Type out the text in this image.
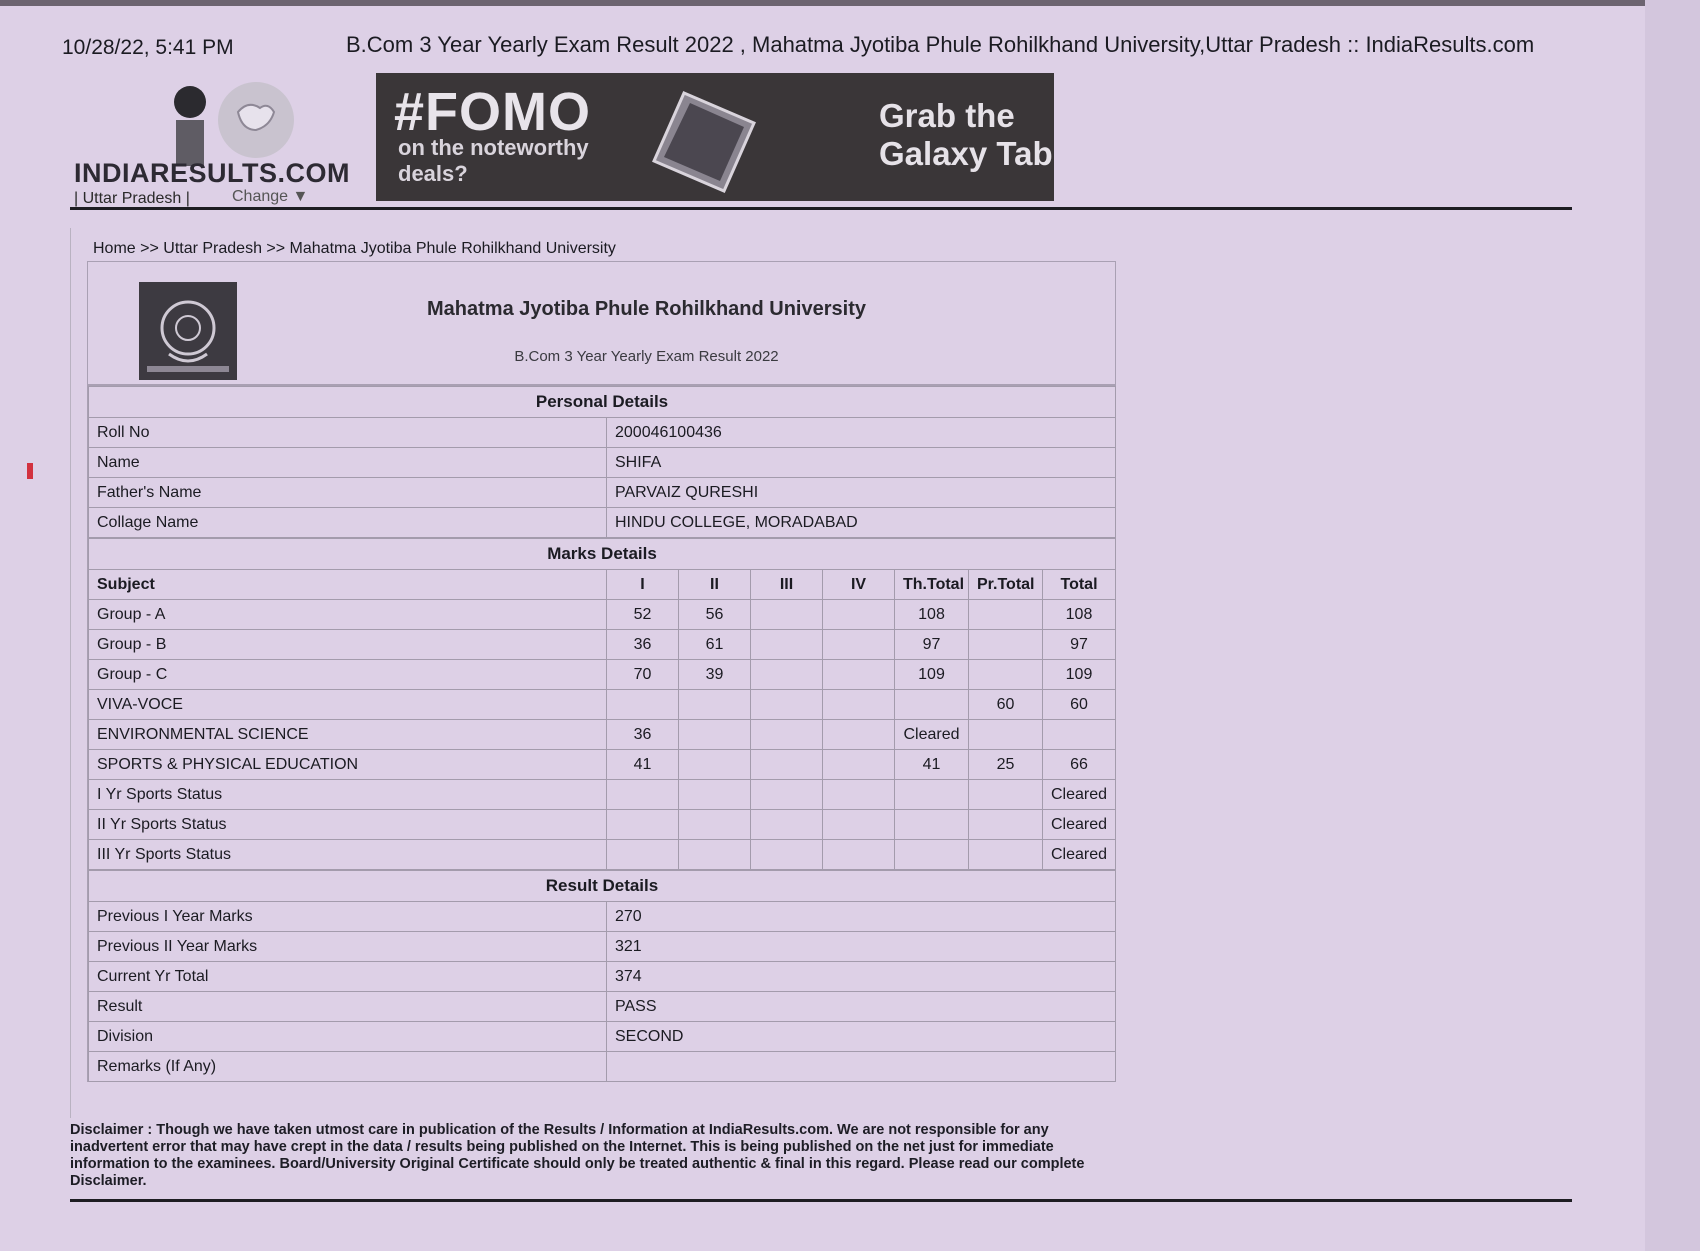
10/28/22, 5:41 PM	B.Com 3 Year Yearly Exam Result 2022 , Mahatma Jyotiba Phule Rohilkhand University,Uttar Pradesh :: IndiaResults.com
INDIARESULTS.COM
| Uttar Pradesh |	Change ▼
#FOMO
on the noteworthy
deals?
Grab the
Galaxy Tab
Home >> Uttar Pradesh >> Mahatma Jyotiba Phule Rohilkhand University
Mahatma Jyotiba Phule Rohilkhand University
B.Com 3 Year Yearly Exam Result 2022
Personal Details	
Roll No	200046100436
Name	SHIFA
Father's Name	PARVAIZ QURESHI
Collage Name	HINDU COLLEGE, MORADABAD
Marks Details							
Subject	I	II	III	IV	Th.Total	Pr.Total	Total
Group - A	52	56			108		108
Group - B	36	61			97		97
Group - C	70	39			109		109
VIVA-VOCE						60	60
ENVIRONMENTAL SCIENCE	36				Cleared		
SPORTS & PHYSICAL EDUCATION	41				41	25	66
I Yr Sports Status							Cleared
II Yr Sports Status							Cleared
III Yr Sports Status							Cleared
Result Details	
Previous I Year Marks	270
Previous II Year Marks	321
Current Yr Total	374
Result	PASS
Division	SECOND
Remarks (If Any)	
Disclaimer : Though we have taken utmost care in publication of the Results / Information at IndiaResults.com. We are not responsible for any inadvertent error that may have crept in the data / results being published on the Internet. This is being published on the net just for immediate information to the examinees. Board/University Original Certificate should only be treated authentic & final in this regard. Please read our complete Disclaimer.
